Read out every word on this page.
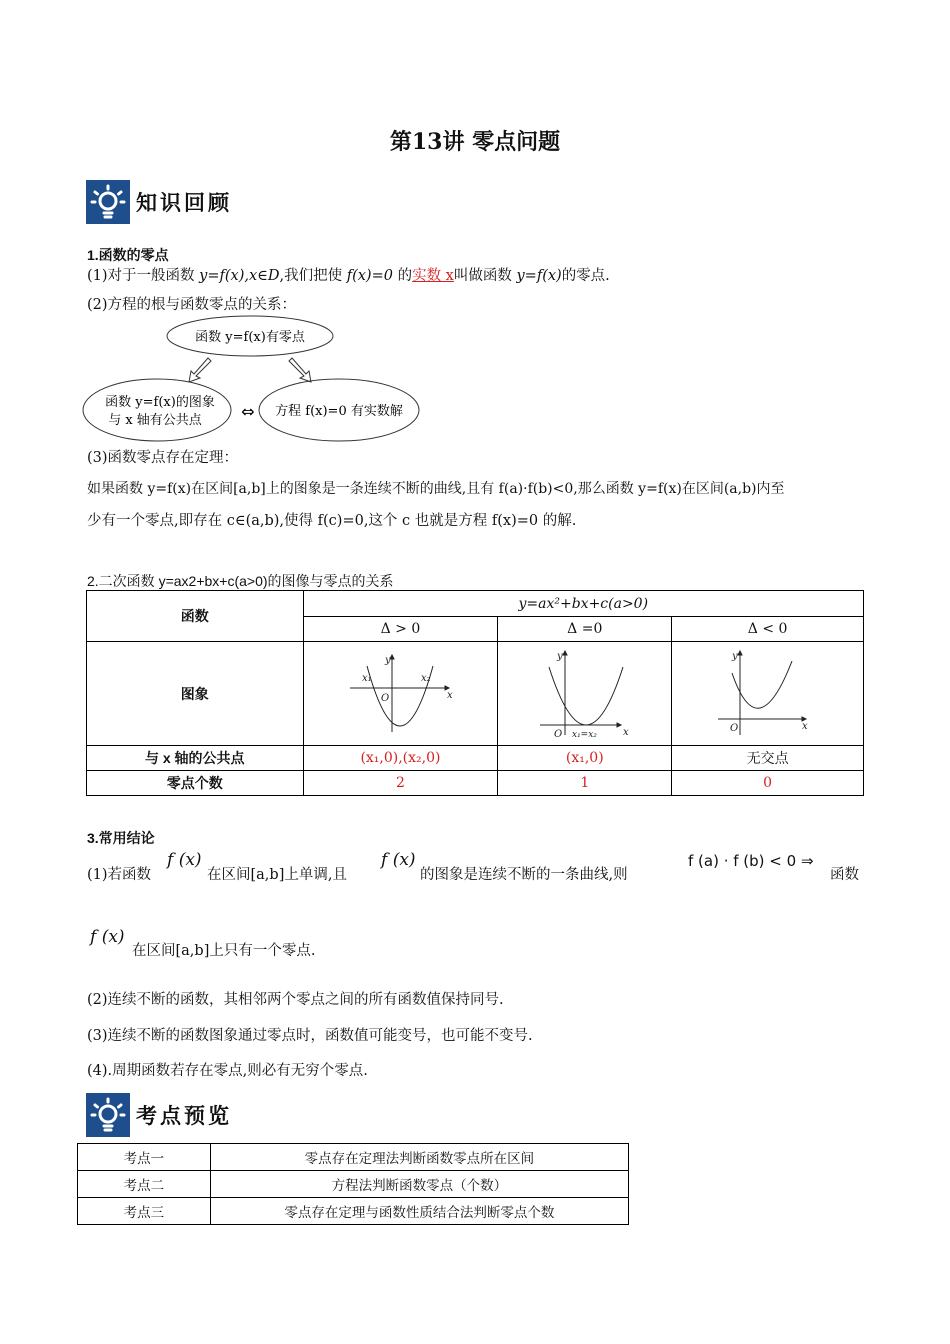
第13讲 零点问题
知识回顾
1.函数的零点
(1)对于一般函数 y=f(x),x∈D,我们把使 f(x)=0 的实数 x叫做函数 y=f(x)的零点.
(2)方程的根与函数零点的关系：
函数 y=f(x)有零点
函数 y=f(x)的图象
与 x 轴有公共点
方程 f(x)=0 有实数解
⇔
(3)函数零点存在定理：
如果函数 y=f(x)在区间[a,b]上的图象是一条连续不断的曲线,且有 f(a)·f(b)<0,那么函数 y=f(x)在区间(a,b)内至
少有一个零点,即存在 c∈(a,b),使得 f(c)=0,这个 c 也就是方程 f(x)=0 的解.
2.二次函数 y=ax2+bx+c(a>0)的图像与零点的关系
函数	y=ax²+bx+c(a>0)		
	Δ > 0	Δ =0	Δ < 0
图象	x
y
O
x₁ x₂	x
y
O x₁=x₂	x
y
O

与 x 轴的公共点	(x₁,0),(x₂,0)	(x₁,0)	无交点
零点个数	2	1	0
3.常用结论
(1)若函数
f (x)
在区间[a,b]上单调,且
f (x)
的图象是连续不断的一条曲线,则
f (a) · f (b) < 0 ⇒
函数
f (x)
在区间[a,b]上只有一个零点.
(2)连续不断的函数，其相邻两个零点之间的所有函数值保持同号.
(3)连续不断的函数图象通过零点时，函数值可能变号，也可能不变号.
(4).周期函数若存在零点,则必有无穷个零点.
考点预览
考点一	零点存在定理法判断函数零点所在区间
考点二	方程法判断函数零点（个数）
考点三	零点存在定理与函数性质结合法判断零点个数
